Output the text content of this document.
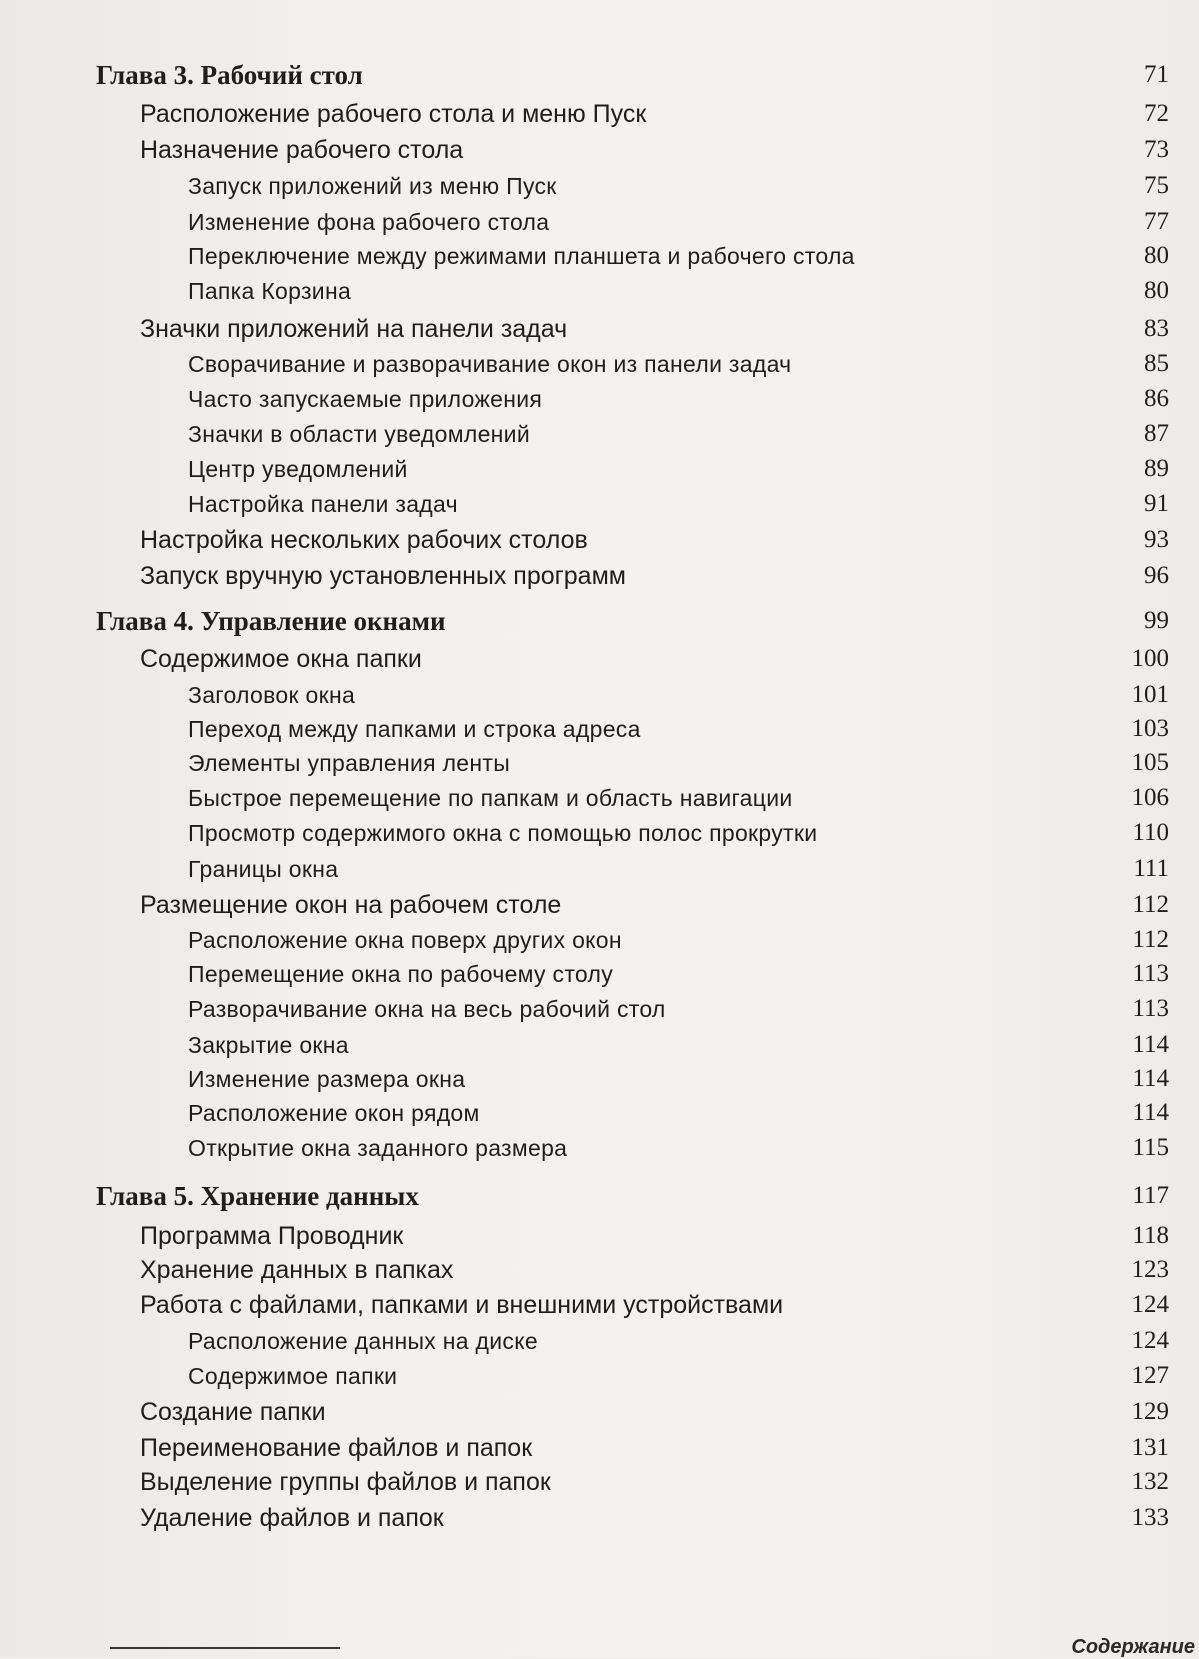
Глава 3. Рабочий стол	71
Расположение рабочего стола и меню Пуск	72
Назначение рабочего стола	73
Запуск приложений из меню Пуск	75
Изменение фона рабочего стола	77
Переключение между режимами планшета и рабочего стола	80
Папка Корзина	80
Значки приложений на панели задач	83
Сворачивание и разворачивание окон из панели задач	85
Часто запускаемые приложения	86
Значки в области уведомлений	87
Центр уведомлений	89
Настройка панели задач	91
Настройка нескольких рабочих столов	93
Запуск вручную установленных программ	96
Глава 4. Управление окнами	99
Содержимое окна папки	100
Заголовок окна	101
Переход между папками и строка адреса	103
Элементы управления ленты	105
Быстрое перемещение по папкам и область навигации	106
Просмотр содержимого окна с помощью полос прокрутки	110
Границы окна	111
Размещение окон на рабочем столе	112
Расположение окна поверх других окон	112
Перемещение окна по рабочему столу	113
Разворачивание окна на весь рабочий стол	113
Закрытие окна	114
Изменение размера окна	114
Расположение окон рядом	114
Открытие окна заданного размера	115
Глава 5. Хранение данных	117
Программа Проводник	118
Хранение данных в папках	123
Работа с файлами, папками и внешними устройствами	124
Расположение данных на диске	124
Содержимое папки	127
Создание папки	129
Переименование файлов и папок	131
Выделение группы файлов и папок	132
Удаление файлов и папок	133
Содержание
